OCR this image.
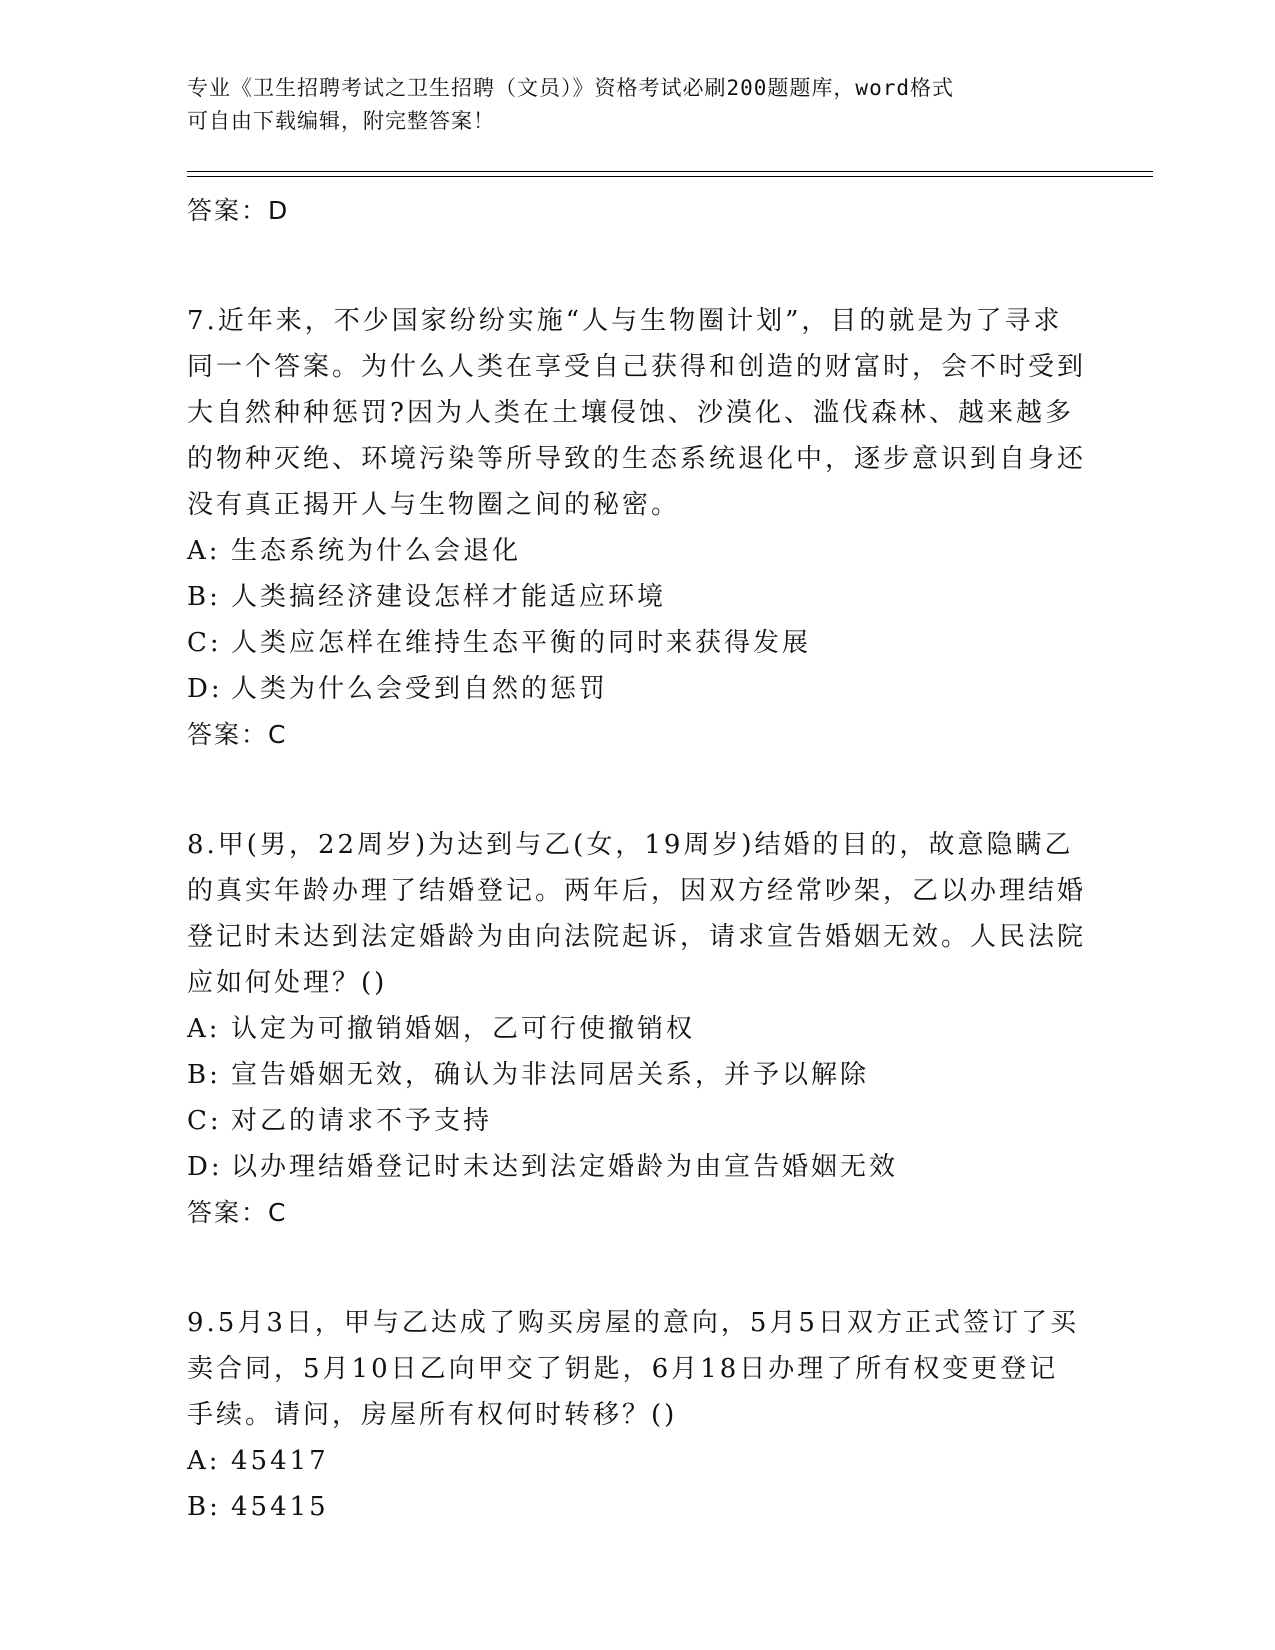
专业《卫生招聘考试之卫生招聘（文员）》资格考试必刷200题题库，word格式
可自由下载编辑，附完整答案！
答案：D
7.近年来，不少国家纷纷实施“人与生物圈计划”，目的就是为了寻求同一个答案。为什么人类在享受自己获得和创造的财富时，会不时受到大自然种种惩罚?因为人类在土壤侵蚀、沙漠化、滥伐森林、越来越多的物种灭绝、环境污染等所导致的生态系统退化中，逐步意识到自身还没有真正揭开人与生物圈之间的秘密。
A: 生态系统为什么会退化
B: 人类搞经济建设怎样才能适应环境
C: 人类应怎样在维持生态平衡的同时来获得发展
D: 人类为什么会受到自然的惩罚
答案：C
8.甲(男，22周岁)为达到与乙(女，19周岁)结婚的目的，故意隐瞒乙的真实年龄办理了结婚登记。两年后，因双方经常吵架，乙以办理结婚登记时未达到法定婚龄为由向法院起诉，请求宣告婚姻无效。人民法院应如何处理？()
A: 认定为可撤销婚姻，乙可行使撤销权
B: 宣告婚姻无效，确认为非法同居关系，并予以解除
C: 对乙的请求不予支持
D: 以办理结婚登记时未达到法定婚龄为由宣告婚姻无效
答案：C
9.5月3日，甲与乙达成了购买房屋的意向，5月5日双方正式签订了买卖合同，5月10日乙向甲交了钥匙，6月18日办理了所有权变更登记手续。请问，房屋所有权何时转移？()
A: 45417
B: 45415
